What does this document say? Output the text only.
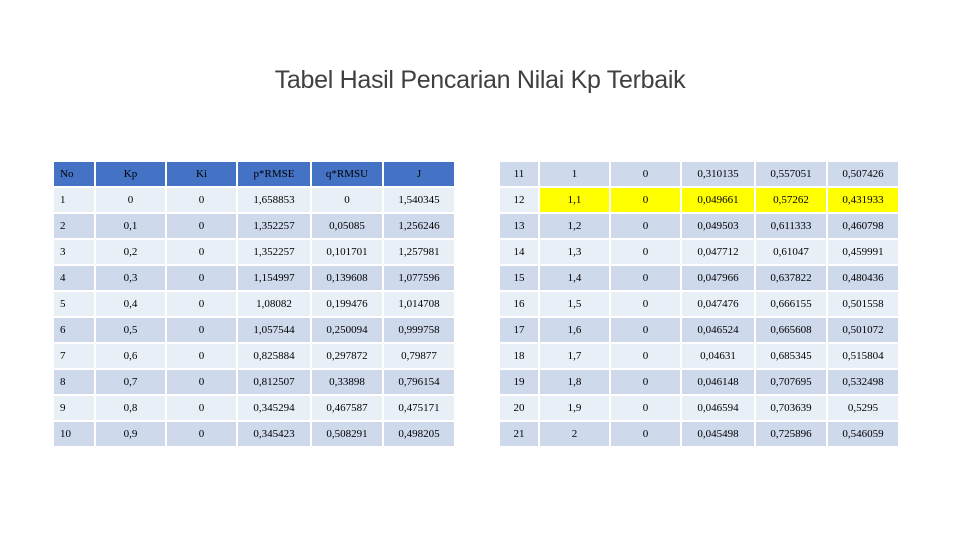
Tabel Hasil Pencarian Nilai Kp Terbaik
No	Kp	Ki	p*RMSE	q*RMSU	J
1	0	0	1,658853	0	1,540345
2	0,1	0	1,352257	0,05085	1,256246
3	0,2	0	1,352257	0,101701	1,257981
4	0,3	0	1,154997	0,139608	1,077596
5	0,4	0	1,08082	0,199476	1,014708
6	0,5	0	1,057544	0,250094	0,999758
7	0,6	0	0,825884	0,297872	0,79877
8	0,7	0	0,812507	0,33898	0,796154
9	0,8	0	0,345294	0,467587	0,475171
10	0,9	0	0,345423	0,508291	0,498205
11	1	0	0,310135	0,557051	0,507426
12	1,1	0	0,049661	0,57262	0,431933
13	1,2	0	0,049503	0,611333	0,460798
14	1,3	0	0,047712	0,61047	0,459991
15	1,4	0	0,047966	0,637822	0,480436
16	1,5	0	0,047476	0,666155	0,501558
17	1,6	0	0,046524	0,665608	0,501072
18	1,7	0	0,04631	0,685345	0,515804
19	1,8	0	0,046148	0,707695	0,532498
20	1,9	0	0,046594	0,703639	0,5295
21	2	0	0,045498	0,725896	0,546059
